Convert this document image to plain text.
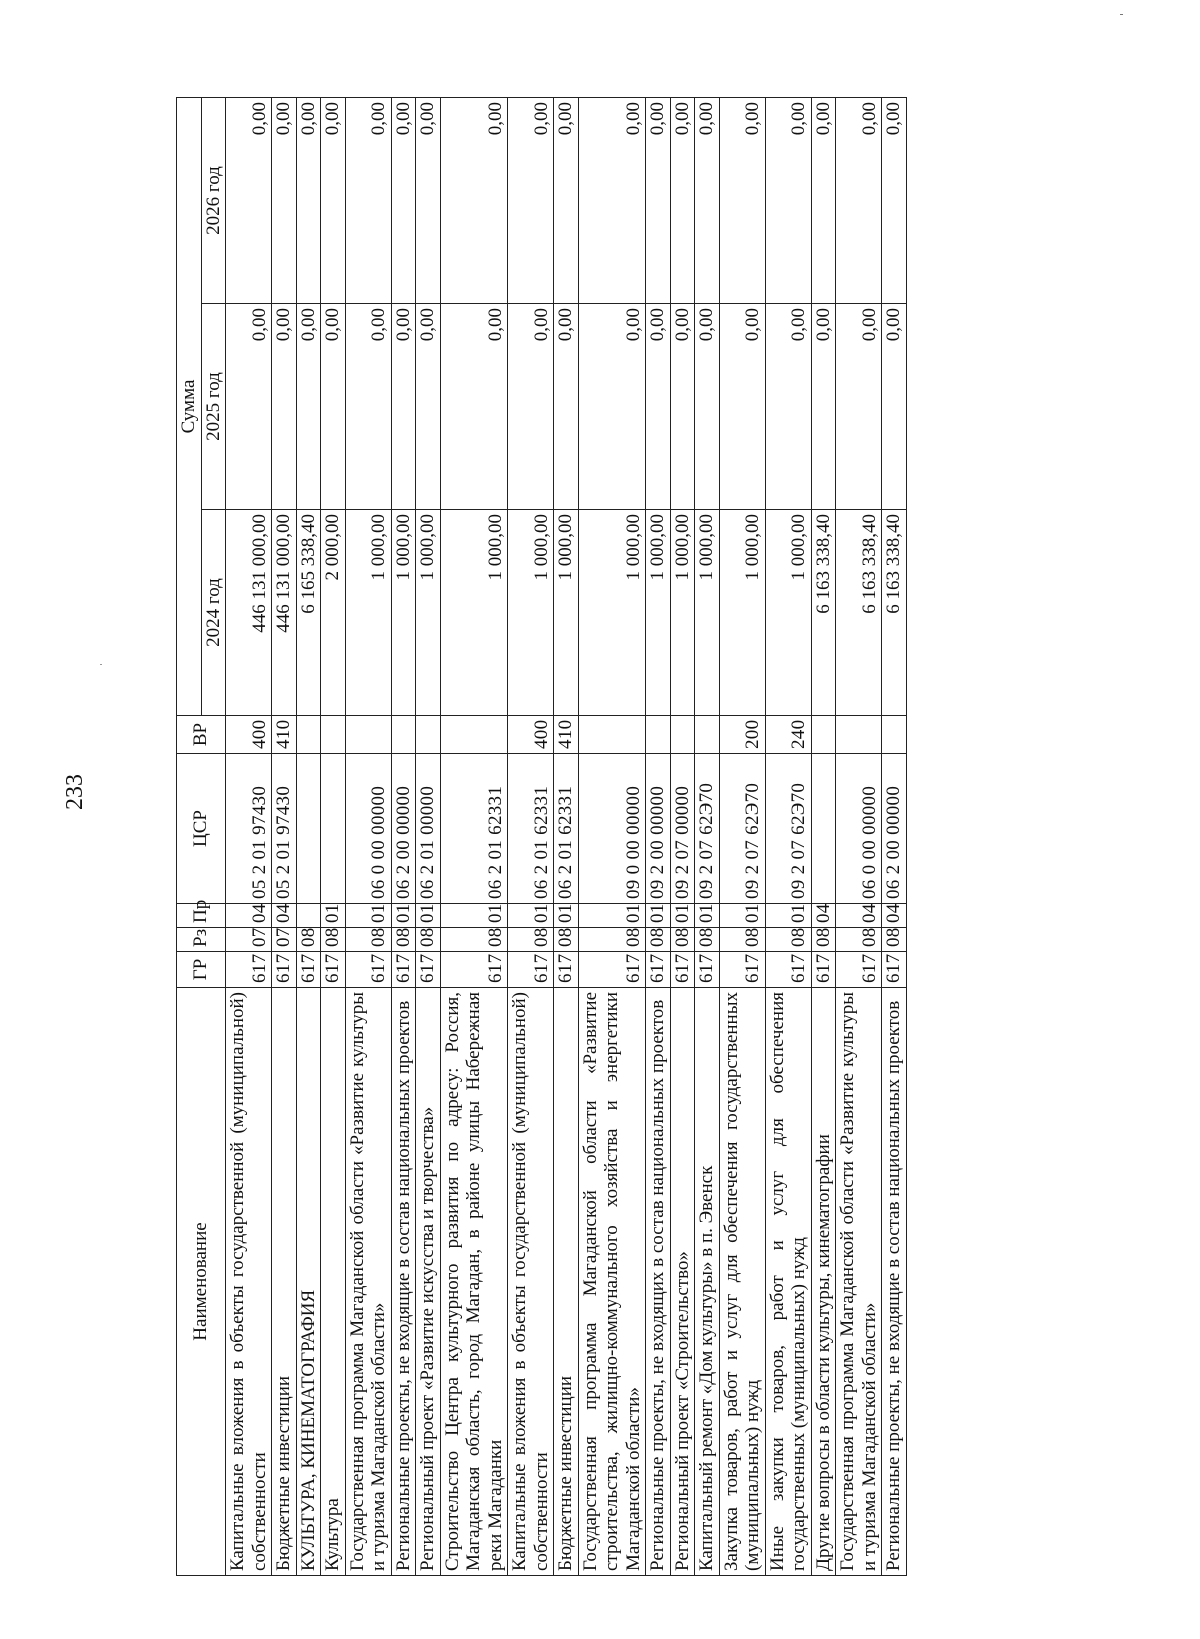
233
Наименование	ГР	Рз	Пр	ЦСР	ВР	Сумма		
						2024 год	2025 год	2026 год
Капитальные вложения в объекты государственной (муниципальной) собственности	617	07	04	05 2 01 97430	400	446 131 000,00	0,00	0,00
Бюджетные инвестиции	617	07	04	05 2 01 97430	410	446 131 000,00	0,00	0,00
КУЛЬТУРА, КИНЕМАТОГРАФИЯ	617	08				6 165 338,40	0,00	0,00
Культура	617	08	01			2 000,00	0,00	0,00
Государственная программа Магаданской области «Развитие культуры и туризма Магаданской области»	617	08	01	06 0 00 00000		1 000,00	0,00	0,00
Региональные проекты, не входящие в состав национальных проектов	617	08	01	06 2 00 00000		1 000,00	0,00	0,00
Региональный проект «Развитие искусства и творчества»	617	08	01	06 2 01 00000		1 000,00	0,00	0,00
Строительство Центра культурного развития по адресу: Россия, Магаданская область, город Магадан, в районе улицы Набережная реки Магаданки	617	08	01	06 2 01 62331		1 000,00	0,00	0,00
Капитальные вложения в объекты государственной (муниципальной) собственности	617	08	01	06 2 01 62331	400	1 000,00	0,00	0,00
Бюджетные инвестиции	617	08	01	06 2 01 62331	410	1 000,00	0,00	0,00
Государственная программа Магаданской области «Развитие строительства, жилищно-коммунального хозяйства и энергетики Магаданской области»	617	08	01	09 0 00 00000		1 000,00	0,00	0,00
Региональные проекты, не входящих в состав национальных проектов	617	08	01	09 2 00 00000		1 000,00	0,00	0,00
Региональный проект «Строительство»	617	08	01	09 2 07 00000		1 000,00	0,00	0,00
Капитальный ремонт «Дом культуры» в п. Эвенск	617	08	01	09 2 07 62Э70		1 000,00	0,00	0,00
Закупка товаров, работ и услуг для обеспечения государственных (муниципальных) нужд	617	08	01	09 2 07 62Э70	200	1 000,00	0,00	0,00
Иные закупки товаров, работ и услуг для обеспечения государственных (муниципальных) нужд	617	08	01	09 2 07 62Э70	240	1 000,00	0,00	0,00
Другие вопросы в области культуры, кинематографии	617	08	04			6 163 338,40	0,00	0,00
Государственная программа Магаданской области «Развитие культуры и туризма Магаданской области»	617	08	04	06 0 00 00000		6 163 338,40	0,00	0,00
Региональные проекты, не входящие в состав национальных проектов	617	08	04	06 2 00 00000		6 163 338,40	0,00	0,00
